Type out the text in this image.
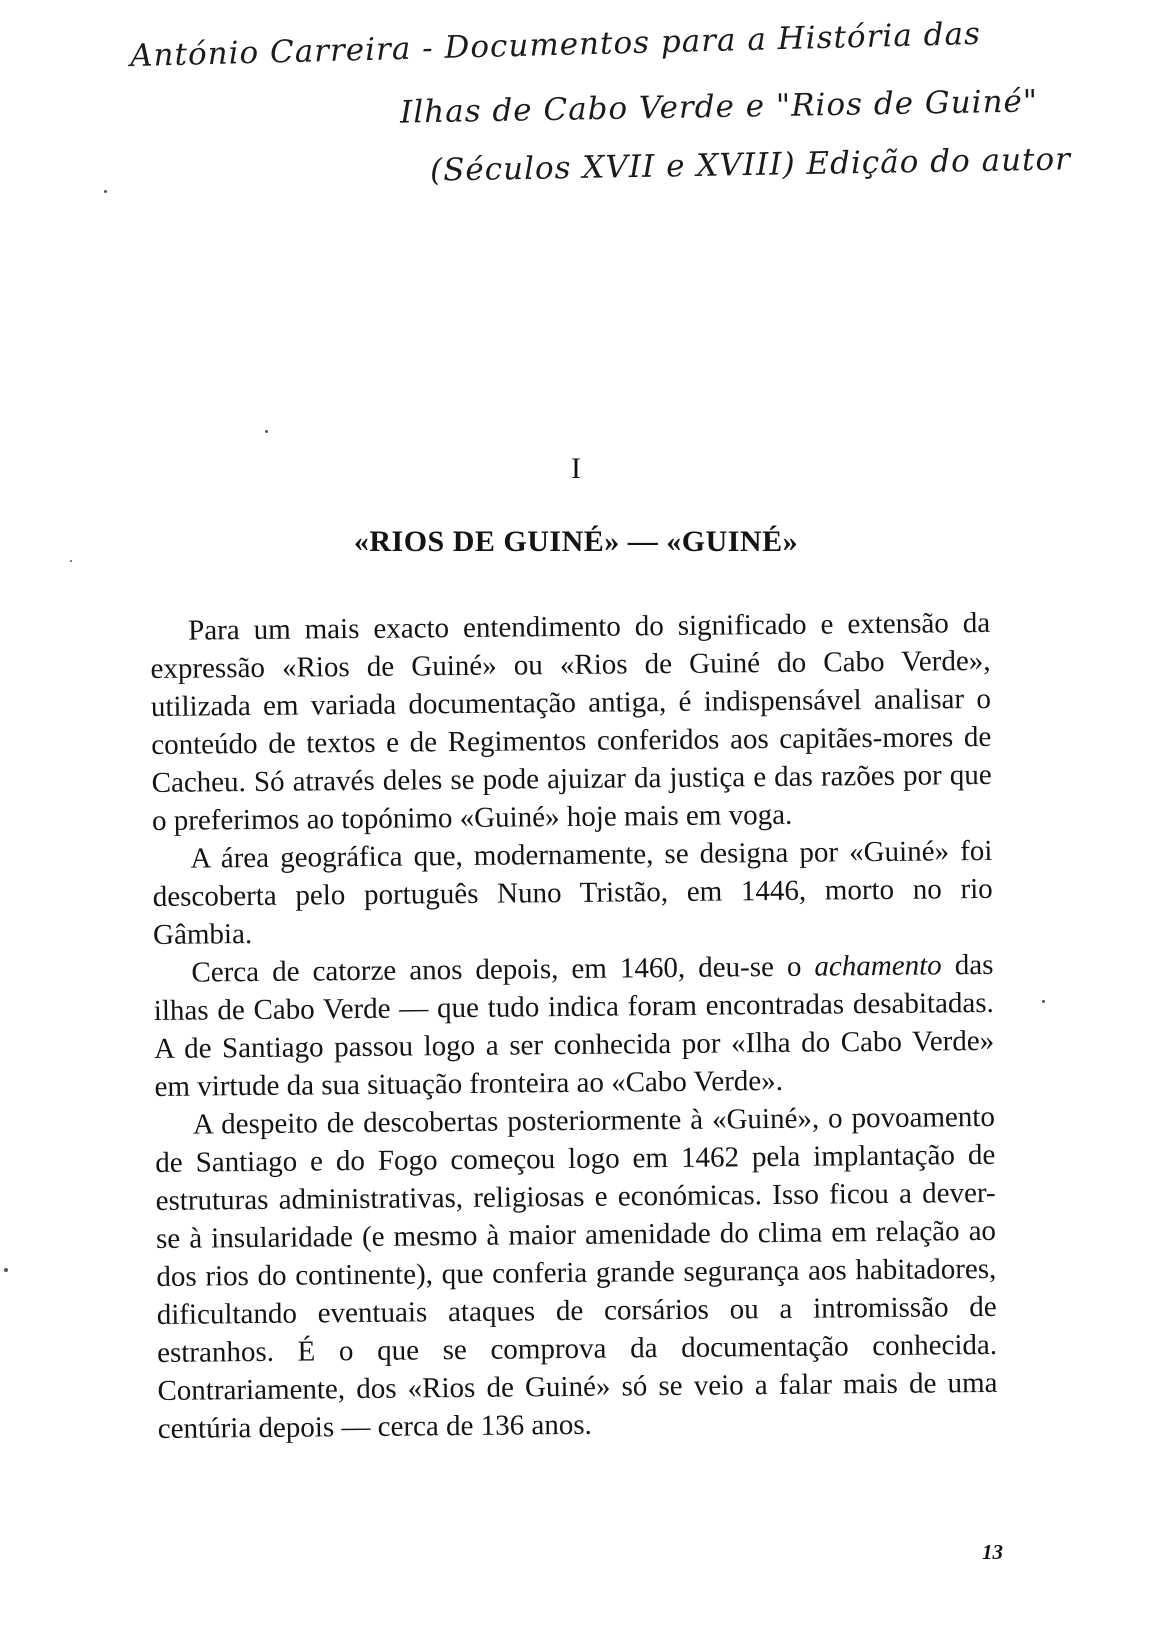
António Carreira - Documentos para a História das
Ilhas de Cabo Verde e "Rios de Guiné"
(Séculos XVII e XVIII) Edição do autor
I
«RIOS DE GUINÉ» — «GUINÉ»

Para um mais exacto entendimento do significado e extensão da expressão «Rios de Guiné» ou «Rios de Guiné do Cabo Verde», utilizada em variada documentação antiga, é indispensável analisar o conteúdo de textos e de Regimentos conferidos aos capitães-mores de Cacheu. Só através deles se pode ajuizar da justiça e das razões por que o preferimos ao topónimo «Guiné» hoje mais em voga.

A área geográfica que, modernamente, se designa por «Guiné» foi descoberta pelo português Nuno Tristão, em 1446, morto no rio Gâmbia.

Cerca de catorze anos depois, em 1460, deu-se o achamento das ilhas de Cabo Verde — que tudo indica foram encontradas desabitadas. A de Santiago passou logo a ser conhecida por «Ilha do Cabo Verde» em virtude da sua situação fronteira ao «Cabo Verde».

A despeito de descobertas posteriormente à «Guiné», o povoamento de Santiago e do Fogo começou logo em 1462 pela implantação de estruturas administrativas, religiosas e económicas. Isso ficou a dever-se à insularidade (e mesmo à maior amenidade do clima em relação ao dos rios do continente), que conferia grande segurança aos habitadores, dificultando eventuais ataques de corsários ou a intromissão de estranhos. É o que se comprova da documentação conhecida. Contrariamente, dos «Rios de Guiné» só se veio a falar mais de uma centúria depois — cerca de 136 anos.

13
